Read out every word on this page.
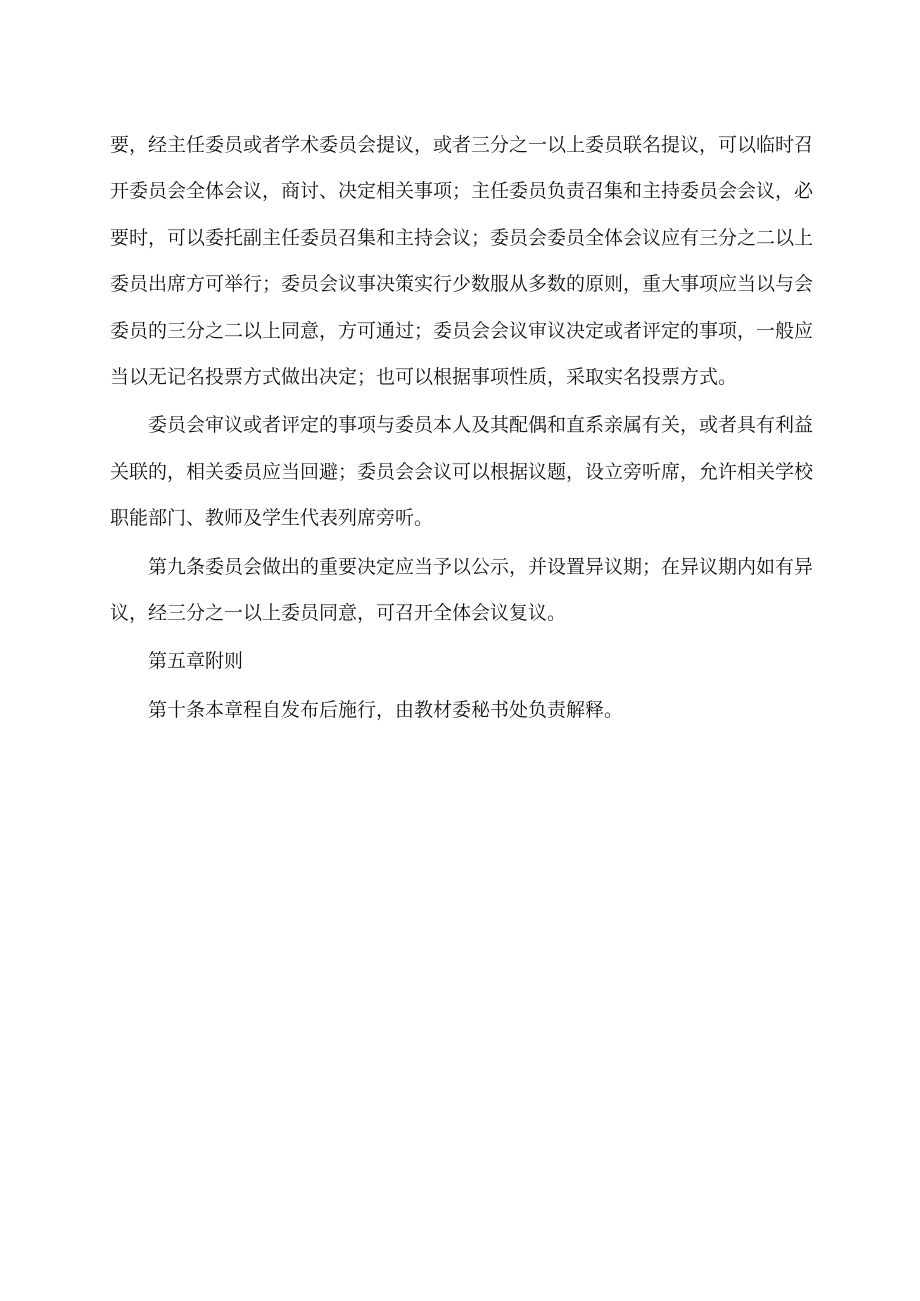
要，经主任委员或者学术委员会提议，或者三分之一以上委员联名提议，可以临时召开委员会全体会议，商讨、决定相关事项；主任委员负责召集和主持委员会会议，必要时，可以委托副主任委员召集和主持会议；委员会委员全体会议应有三分之二以上委员出席方可举行；委员会议事决策实行少数服从多数的原则，重大事项应当以与会委员的三分之二以上同意，方可通过；委员会会议审议决定或者评定的事项，一般应当以无记名投票方式做出决定；也可以根据事项性质，采取实名投票方式。

委员会审议或者评定的事项与委员本人及其配偶和直系亲属有关，或者具有利益关联的，相关委员应当回避；委员会会议可以根据议题，设立旁听席，允许相关学校职能部门、教师及学生代表列席旁听。

第九条委员会做出的重要决定应当予以公示，并设置异议期；在异议期内如有异议，经三分之一以上委员同意，可召开全体会议复议。

第五章附则

第十条本章程自发布后施行，由教材委秘书处负责解释。
